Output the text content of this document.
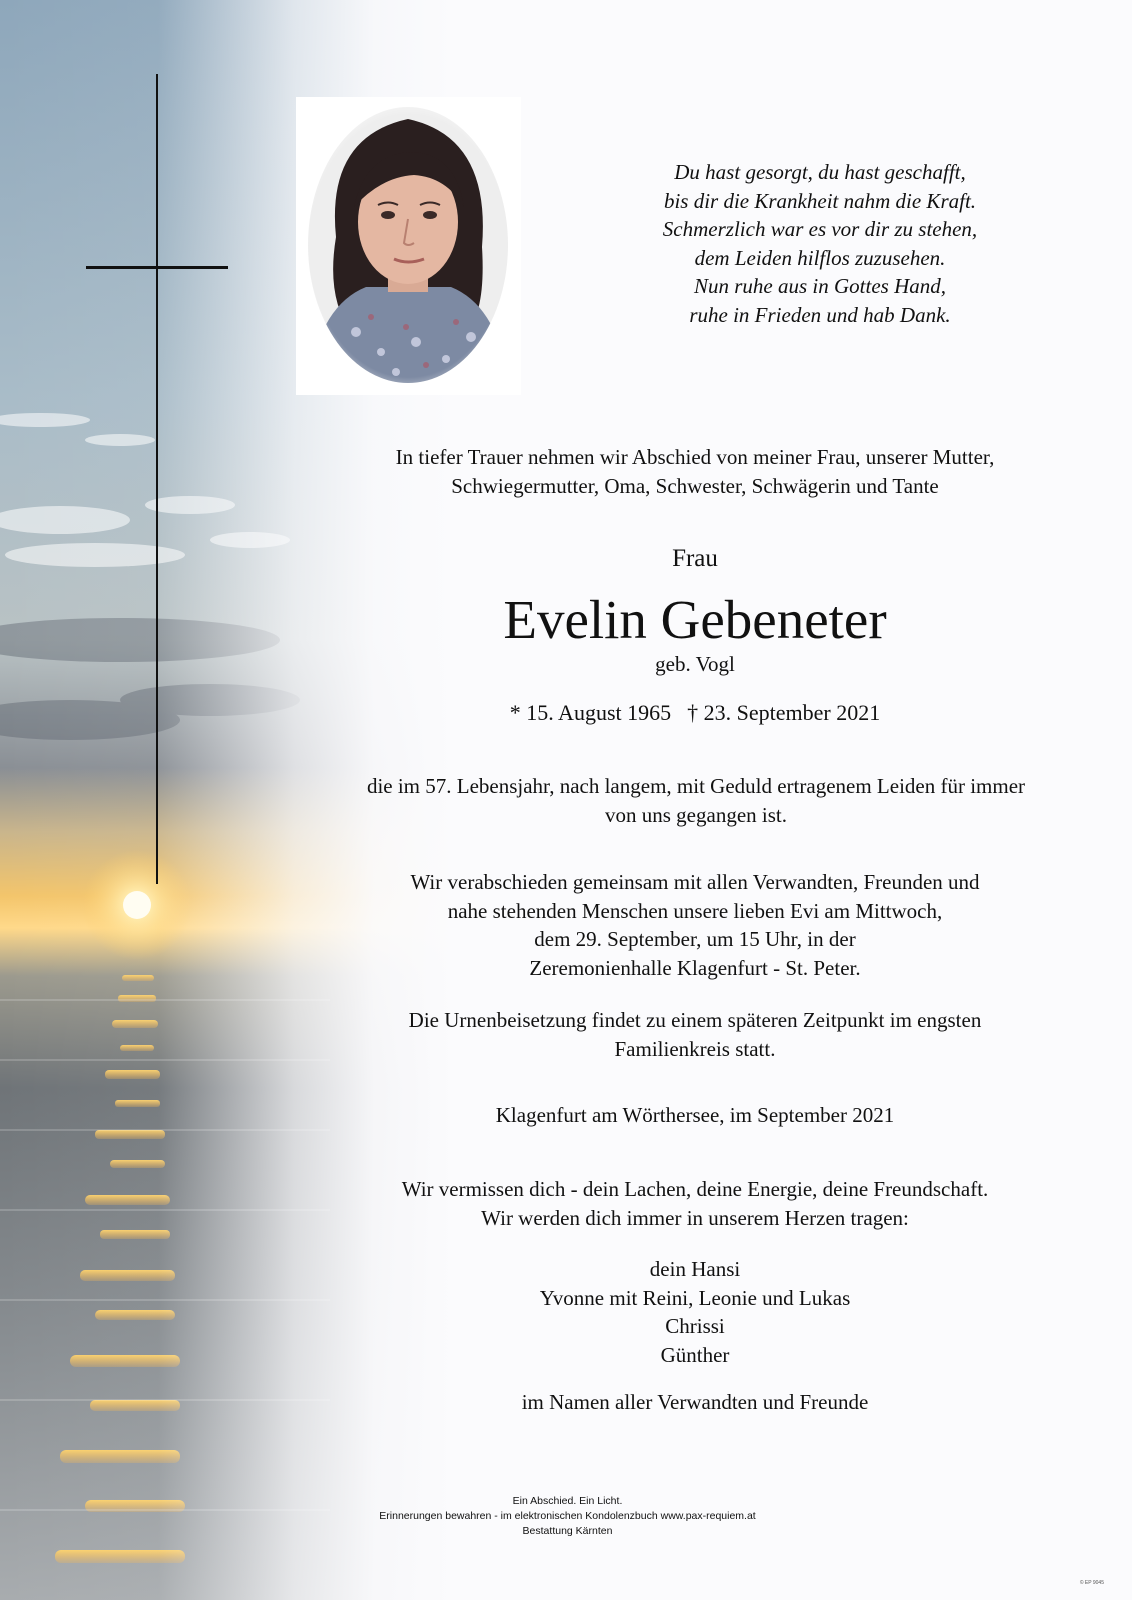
Du hast gesorgt, du hast geschafft,
bis dir die Krankheit nahm die Kraft.
Schmerzlich war es vor dir zu stehen,
dem Leiden hilflos zuzusehen.
Nun ruhe aus in Gottes Hand,
ruhe in Frieden und hab Dank.
In tiefer Trauer nehmen wir Abschied von meiner Frau, unserer Mutter,
Schwiegermutter, Oma, Schwester, Schwägerin und Tante
Frau
Evelin Gebeneter
geb. Vogl
* 15. August 1965 † 23. September 2021
die im 57. Lebensjahr, nach langem, mit Geduld ertragenem Leiden für immer
von uns gegangen ist.
Wir verabschieden gemeinsam mit allen Verwandten, Freunden und
nahe stehenden Menschen unsere lieben Evi am Mittwoch,
dem 29. September, um 15 Uhr, in der
Zeremonienhalle Klagenfurt - St. Peter.
Die Urnenbeisetzung findet zu einem späteren Zeitpunkt im engsten
Familienkreis statt.
Klagenfurt am Wörthersee, im September 2021
Wir vermissen dich - dein Lachen, deine Energie, deine Freundschaft.
Wir werden dich immer in unserem Herzen tragen:
dein Hansi
Yvonne mit Reini, Leonie und Lukas
Chrissi
Günther
im Namen aller Verwandten und Freunde
Ein Abschied. Ein Licht.
Erinnerungen bewahren - im elektronischen Kondolenzbuch www.pax-requiem.at
Bestattung Kärnten
© EP 9045
